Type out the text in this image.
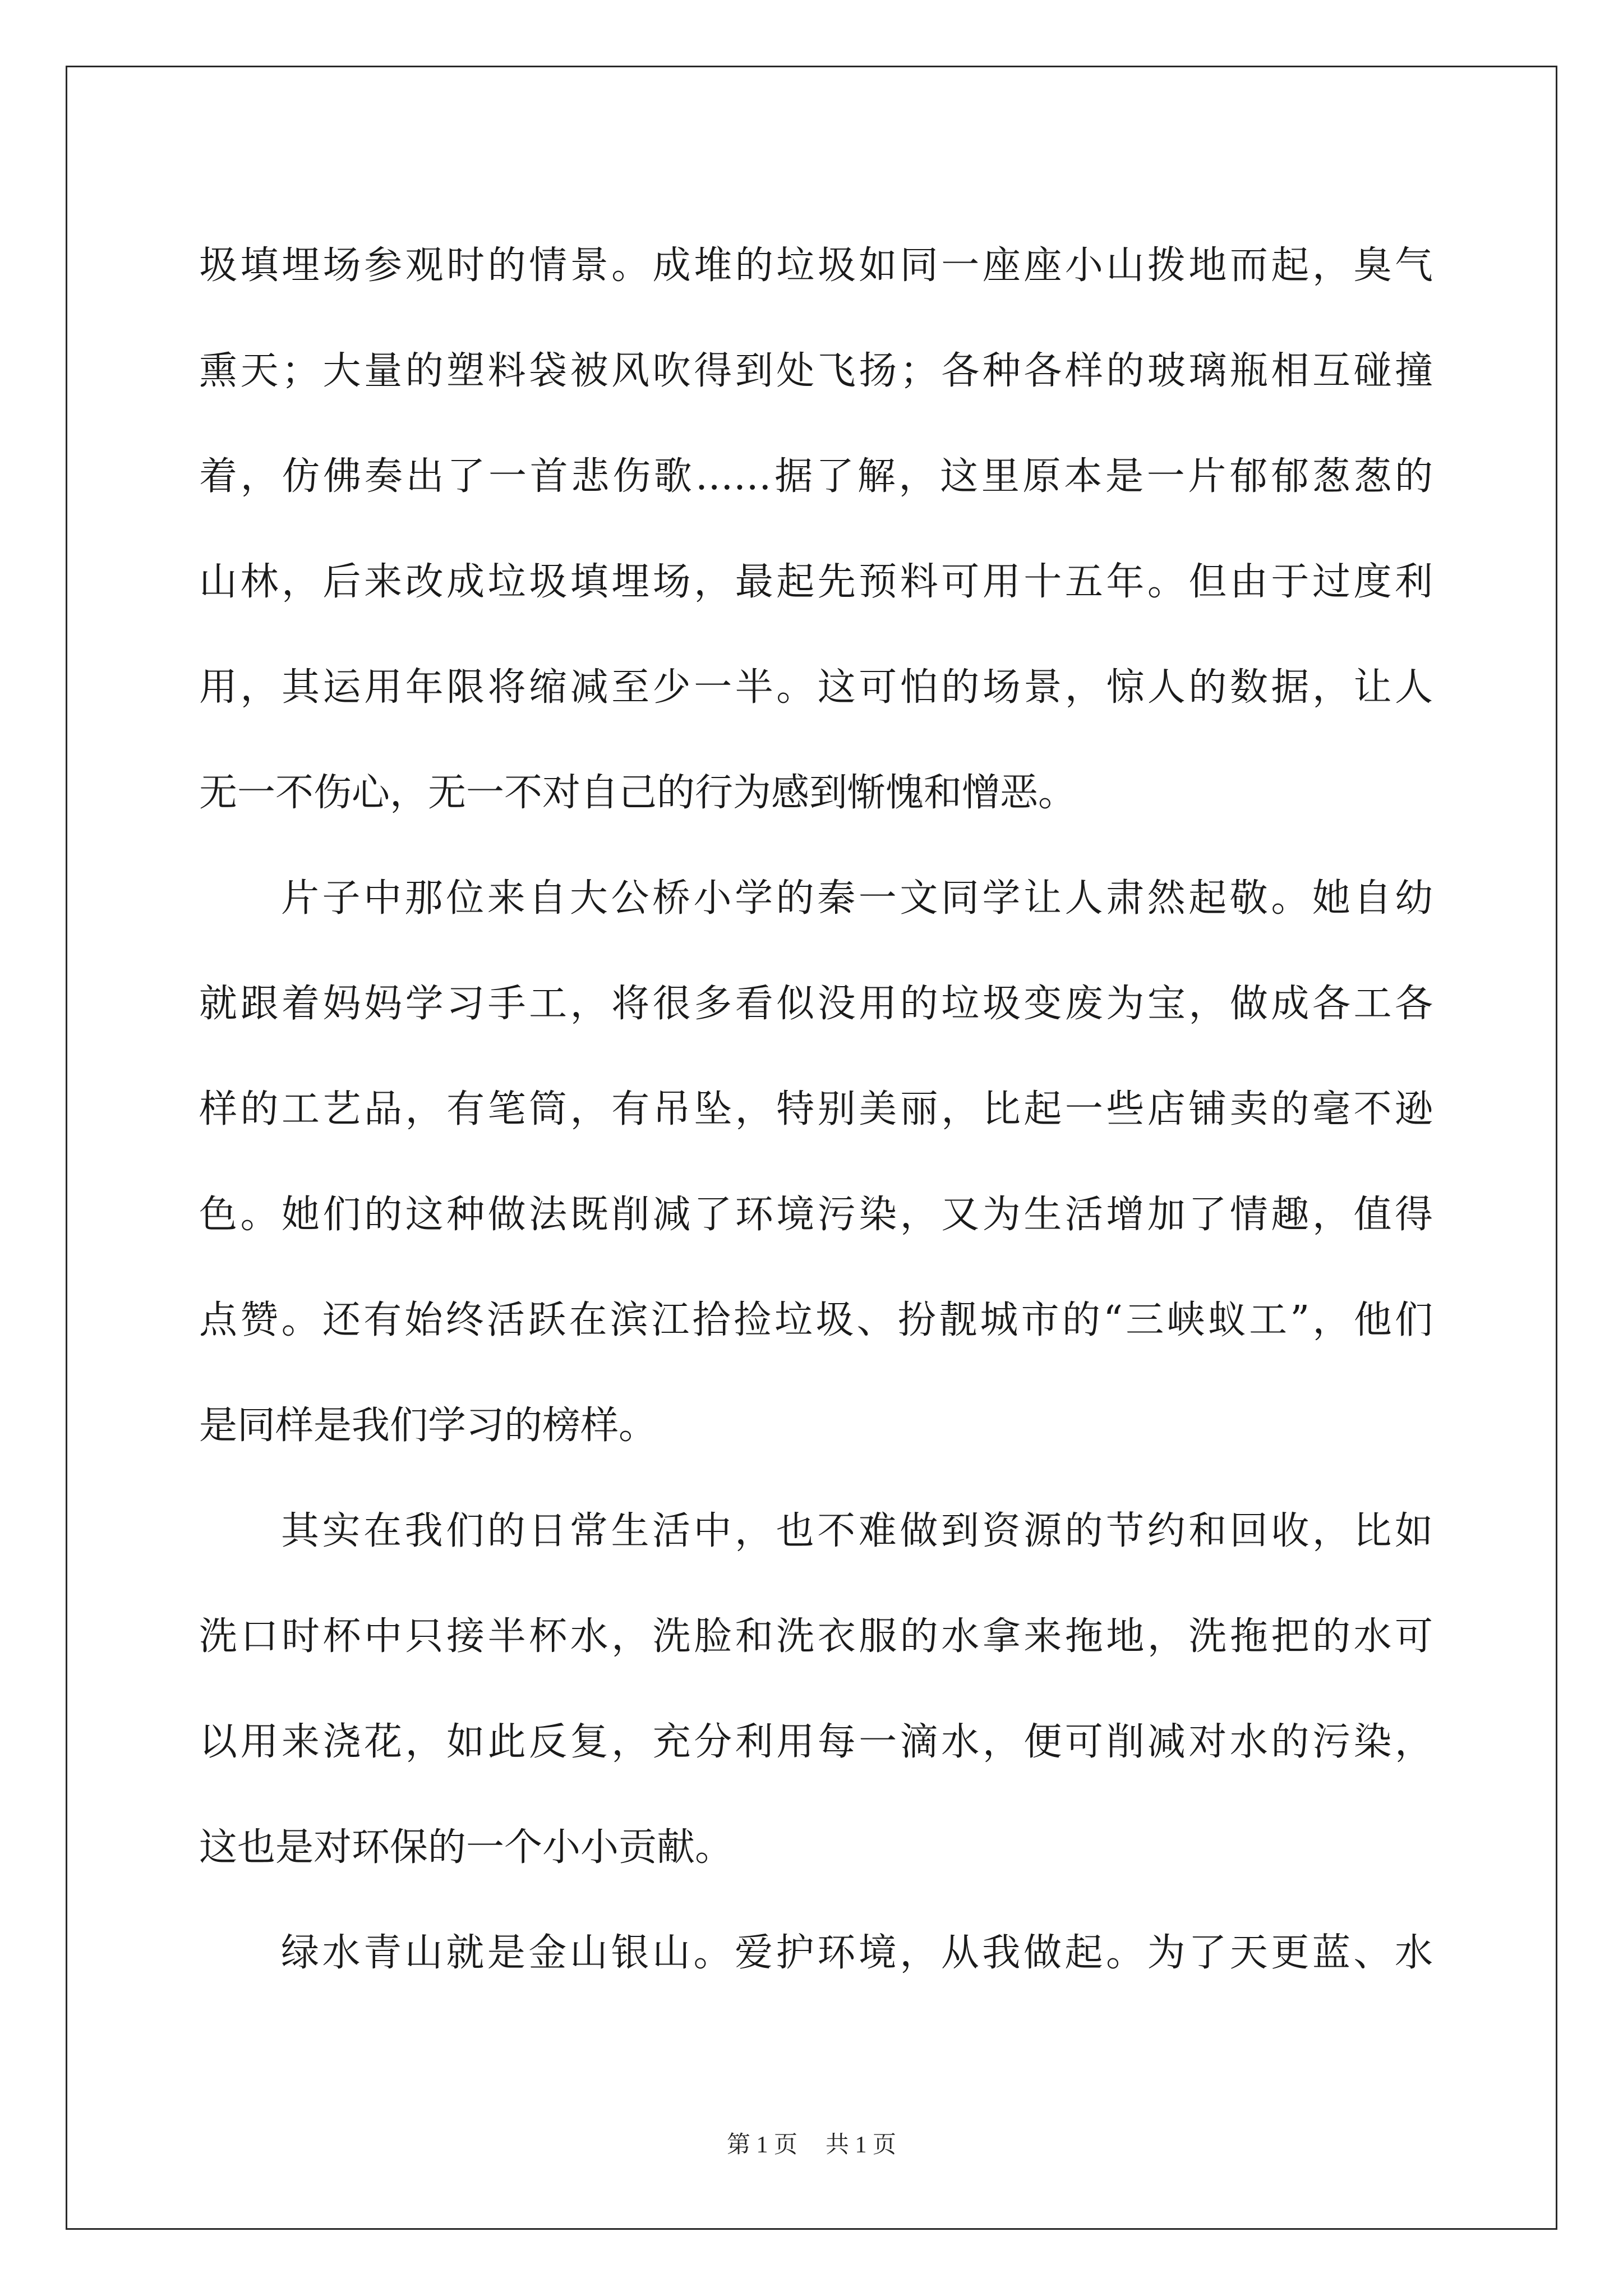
圾填埋场参观时的情景。成堆的垃圾如同一座座小山拨地而起，臭气
熏天；大量的塑料袋被风吹得到处飞扬；各种各样的玻璃瓶相互碰撞
着，仿佛奏出了一首悲伤歌……据了解，这里原本是一片郁郁葱葱的
山林，后来改成垃圾填埋场，最起先预料可用十五年。但由于过度利
用，其运用年限将缩减至少一半。这可怕的场景，惊人的数据，让人
无一不伤心，无一不对自己的行为感到惭愧和憎恶。
片子中那位来自大公桥小学的秦一文同学让人肃然起敬。她自幼
就跟着妈妈学习手工，将很多看似没用的垃圾变废为宝，做成各工各
样的工艺品，有笔筒，有吊坠，特别美丽，比起一些店铺卖的毫不逊
色。她们的这种做法既削减了环境污染，又为生活增加了情趣，值得
点赞。还有始终活跃在滨江拾捡垃圾、扮靓城市的“三峡蚁工”，他们
是同样是我们学习的榜样。
其实在我们的日常生活中，也不难做到资源的节约和回收，比如
洗口时杯中只接半杯水，洗脸和洗衣服的水拿来拖地，洗拖把的水可
以用来浇花，如此反复，充分利用每一滴水，便可削减对水的污染，
这也是对环保的一个小小贡献。
绿水青山就是金山银山。爱护环境，从我做起。为了天更蓝、水
第 1 页 共 1 页
